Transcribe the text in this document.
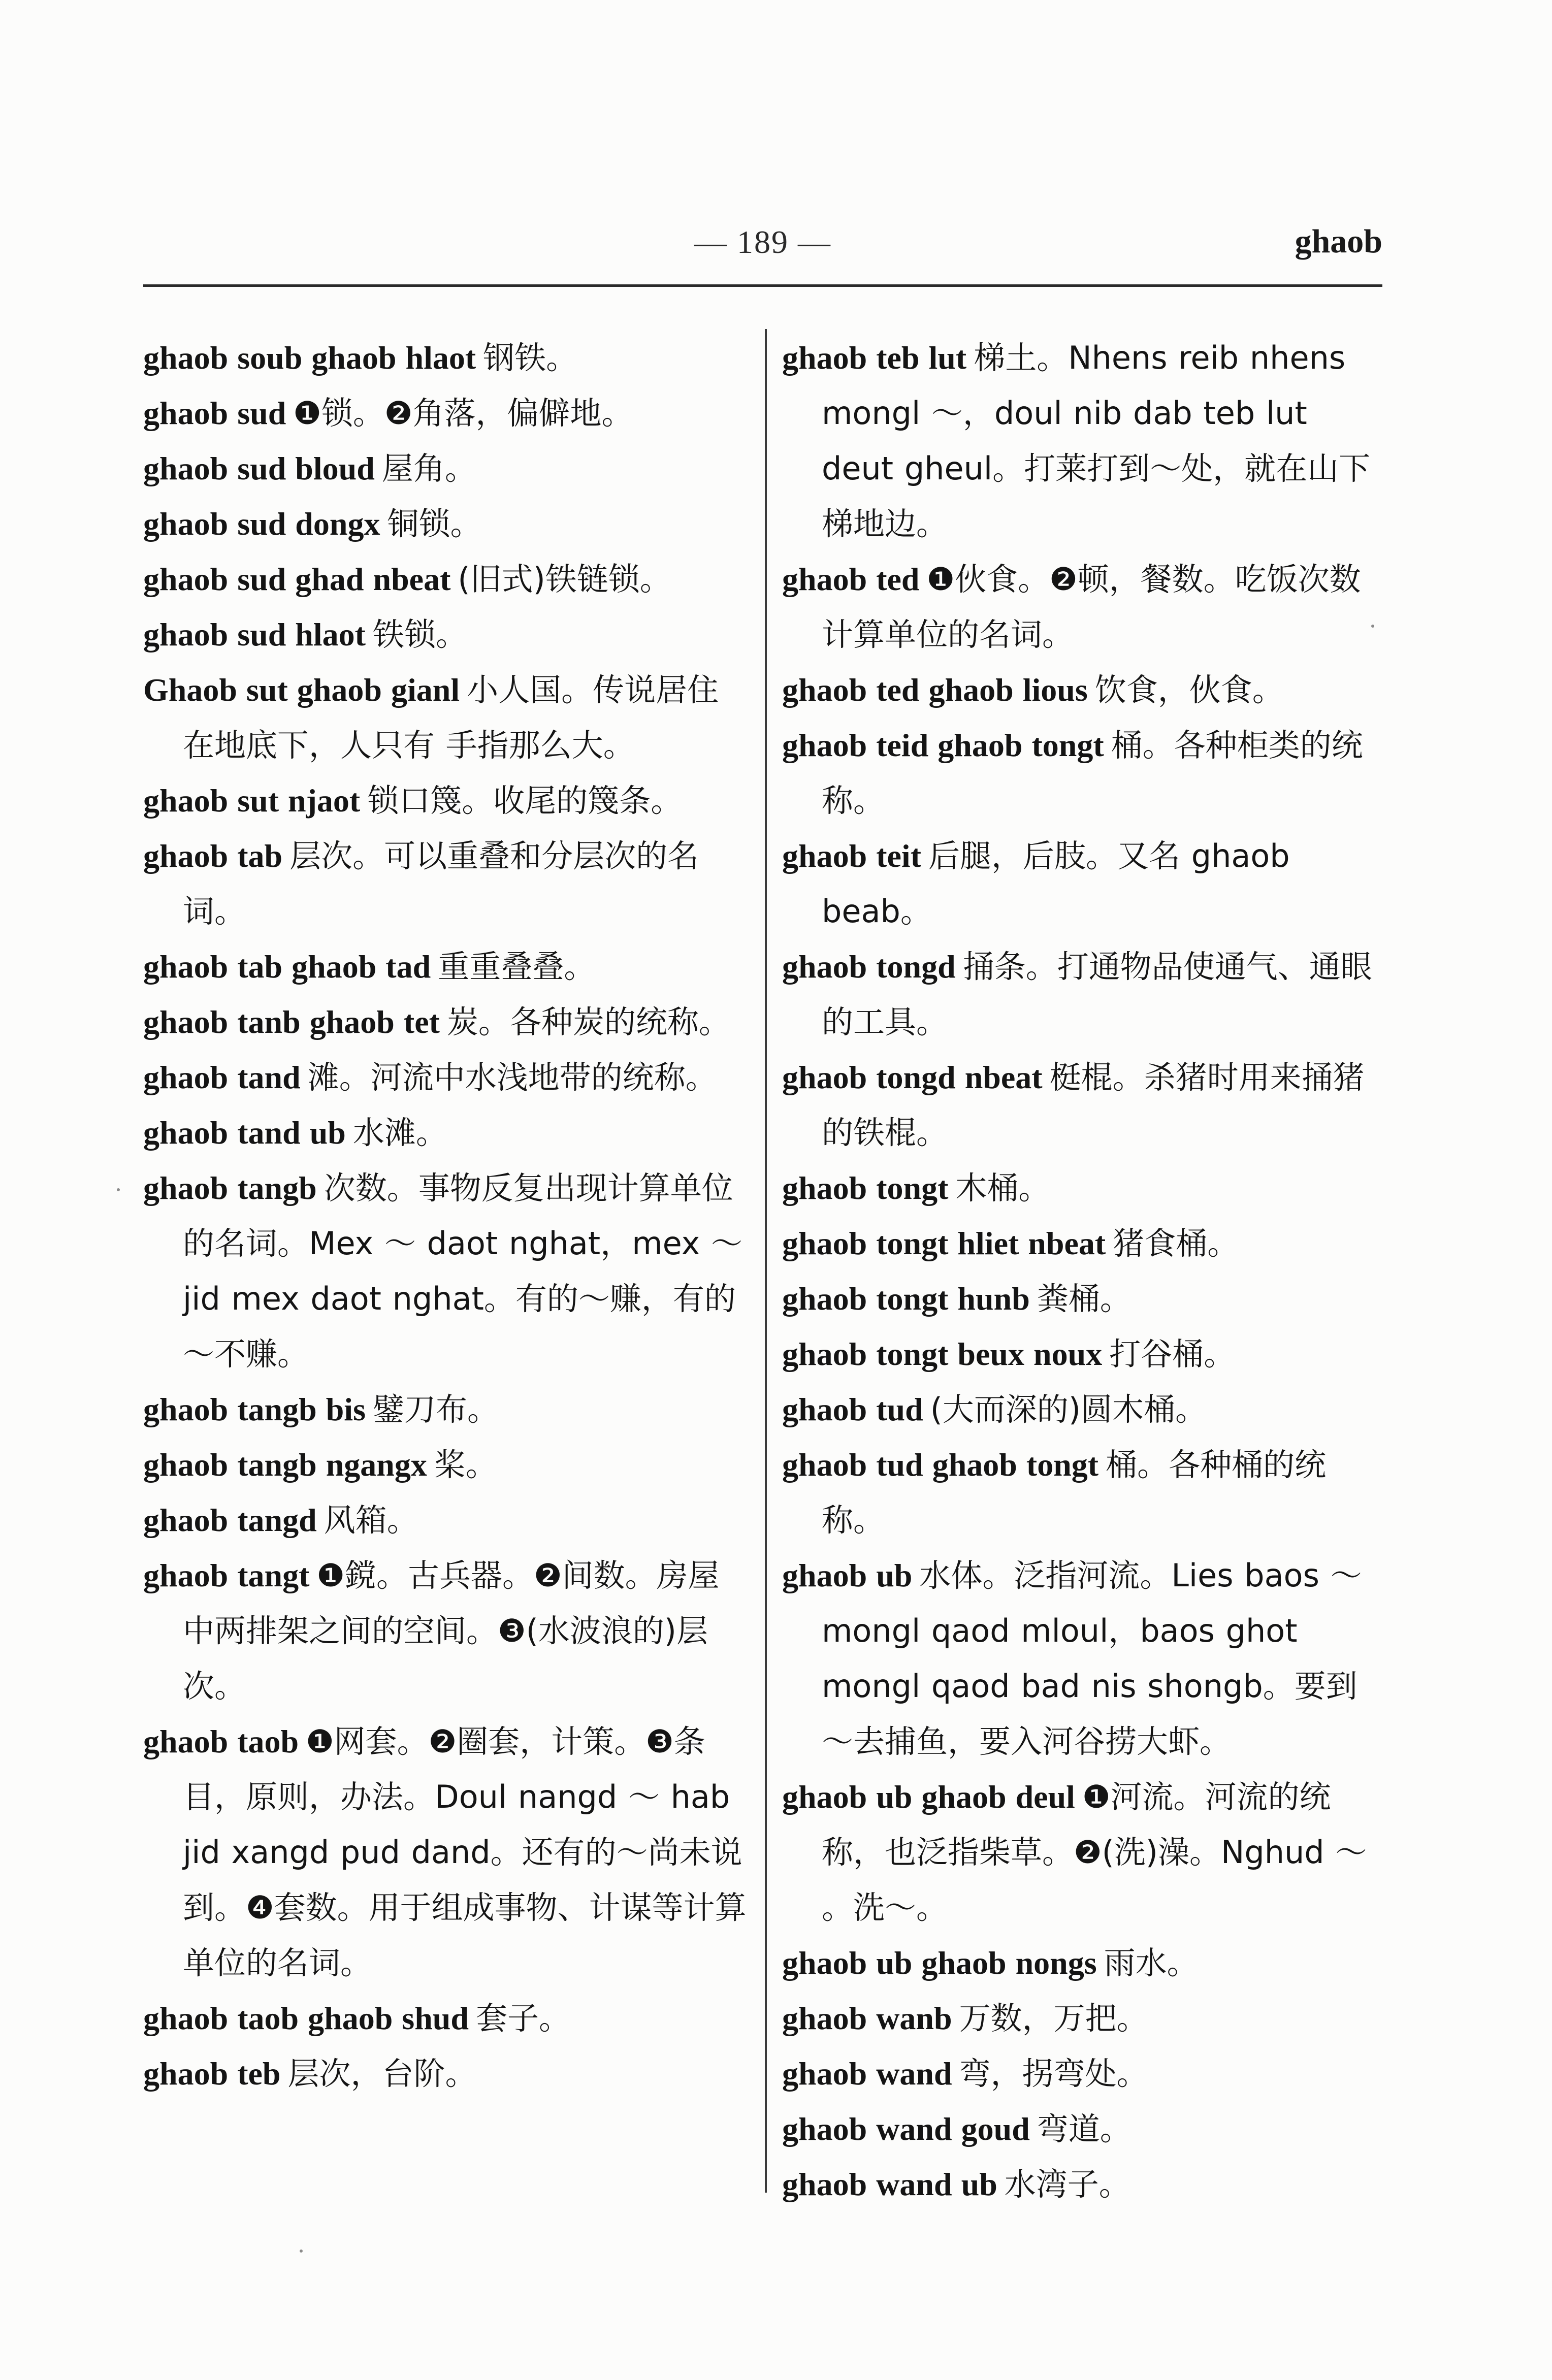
— 189 —	ghaob

ghaob soub ghaob hlaot 钢铁。

ghaob sud ❶锁。❷角落，偏僻地。

ghaob sud bloud 屋角。

ghaob sud dongx 铜锁。

ghaob sud ghad nbeat (旧式)铁链锁。

ghaob sud hlaot 铁锁。

Ghaob sut ghaob gianl 小人国。传说居住在地底下，人只有 手指那么大。

ghaob sut njaot 锁口篾。收尾的篾条。

ghaob tab 层次。可以重叠和分层次的名词。

ghaob tab ghaob tad 重重叠叠。

ghaob tanb ghaob tet 炭。各种炭的统称。

ghaob tand 滩。河流中水浅地带的统称。

ghaob tand ub 水滩。

ghaob tangb 次数。事物反复出现计算单位的名词。Mex ～ daot nghat，mex ～ jid mex daot nghat。有的～赚，有的～不赚。

ghaob tangb bis 鐾刀布。

ghaob tangb ngangx 桨。

ghaob tangd 风箱。

ghaob tangt ❶鎲。古兵器。❷间数。房屋中两排架之间的空间。❸(水波浪的)层次。

ghaob taob ❶网套。❷圈套，计策。❸条目，原则，办法。Doul nangd ～ hab jid xangd pud dand。还有的～尚未说到。❹套数。用于组成事物、计谋等计算单位的名词。

ghaob taob ghaob shud 套子。

ghaob teb 层次，台阶。

ghaob teb lut 梯土。Nhens reib nhens mongl ～，doul nib dab teb lut deut gheul。打莱打到～处，就在山下梯地边。

ghaob ted ❶伙食。❷顿，餐数。吃饭次数计算单位的名词。

ghaob ted ghaob lious 饮食，伙食。

ghaob teid ghaob tongt 桶。各种柜类的统称。

ghaob teit 后腿，后肢。又名 ghaob beab。

ghaob tongd 捅条。打通物品使通气、通眼的工具。

ghaob tongd nbeat 梃棍。杀猪时用来捅猪的铁棍。

ghaob tongt 木桶。

ghaob tongt hliet nbeat 猪食桶。

ghaob tongt hunb 粪桶。

ghaob tongt beux noux 打谷桶。

ghaob tud (大而深的)圆木桶。

ghaob tud ghaob tongt 桶。各种桶的统称。

ghaob ub 水体。泛指河流。Lies baos ～ mongl qaod mloul，baos ghot mongl qaod bad nis shongb。要到～去捕鱼，要入河谷捞大虾。

ghaob ub ghaob deul ❶河流。河流的统称，也泛指柴草。❷(洗)澡。Nghud ～ 。洗～。

ghaob ub ghaob nongs 雨水。

ghaob wanb 万数，万把。

ghaob wand 弯，拐弯处。

ghaob wand goud 弯道。

ghaob wand ub 水湾子。
